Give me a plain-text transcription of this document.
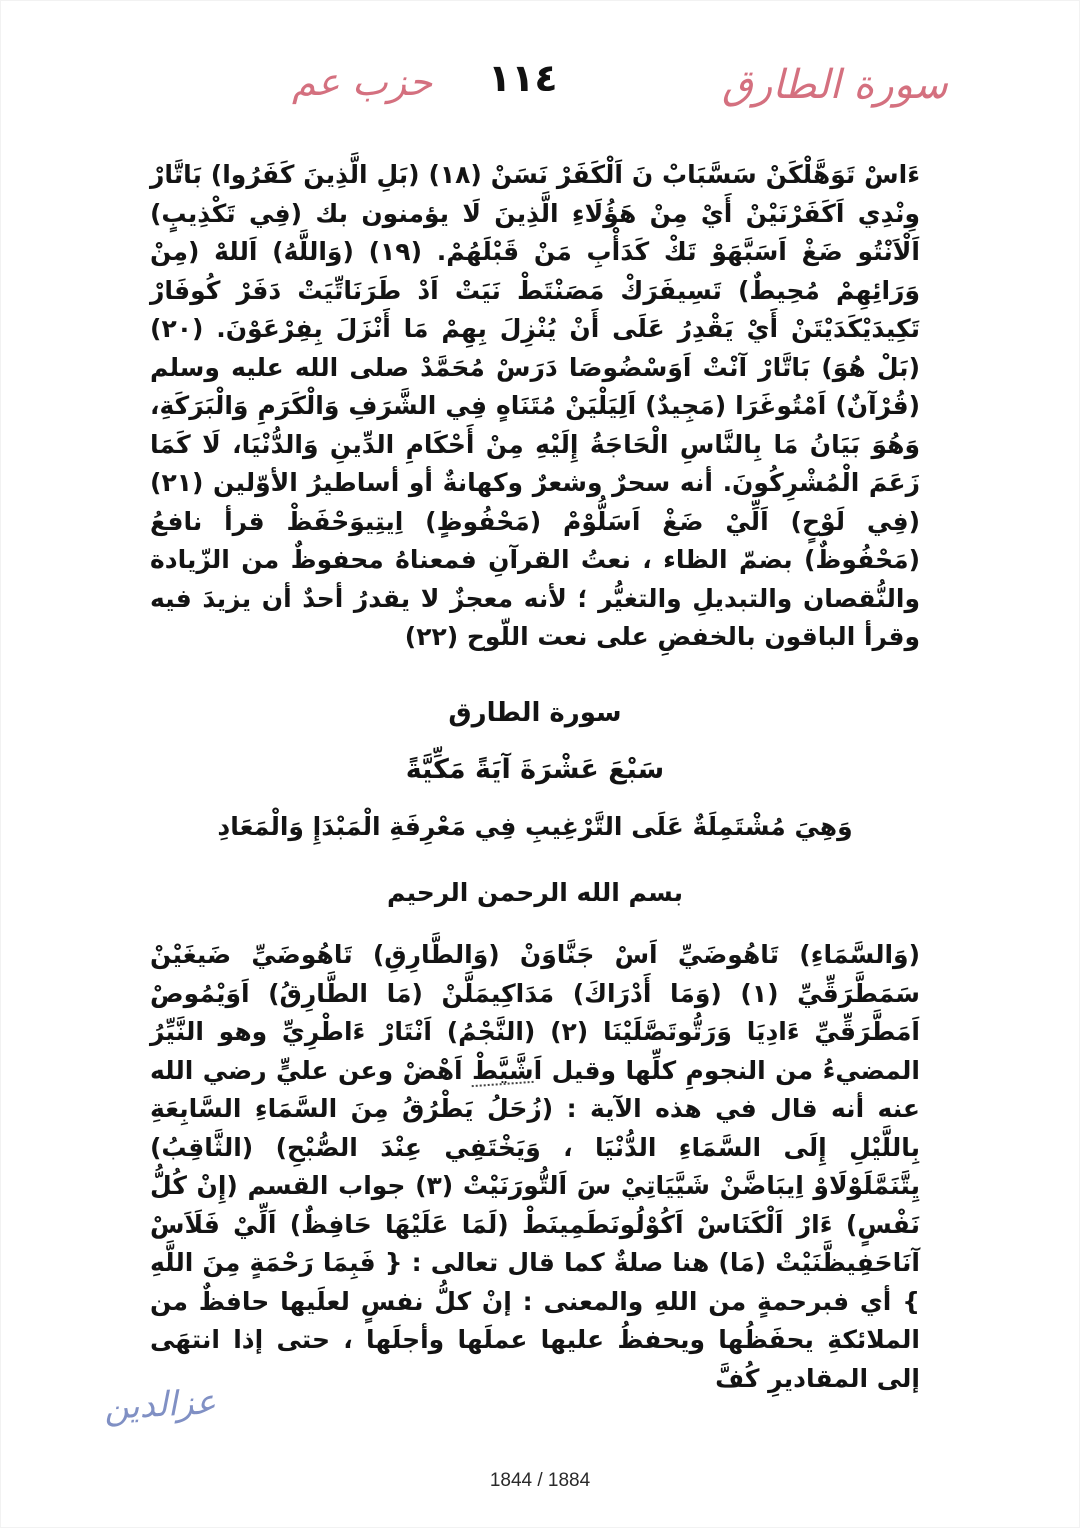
حزب عم ١١٤	سورة الطارق
ءَاسْ تَوَهَّلْكَنْ سَسَّبَابْ نَ اَلْكَفَرْ نَسَنْ (١٨) (بَلِ الَّذِينَ كَفَرُوا) بَاتَّارْ وِنْدِي اَكَفَرْنَيْنْ أَيْ مِنْ هَؤُلَاءِ الَّذِينَ لَا يؤمنون بك (فِي تَكْذِيبٍ) اَلْاَنْتُو ضَغْ اَسَبَّهَوْ تَكْ كَدَأْبِ مَنْ قَبْلَهُمْ. (١٩) (وَاللَّهُ) اَللهْ (مِنْ وَرَائِهِمْ مُحِيطٌ) تَسِيفَرَكْ مَصَنْتَطْ نَيَتْ اَدْ طَرَنَاتِّيَتْ دَفَرْ كُوفَارْ تَكِيدَيْكَدَيْتَنْ أَيْ يَقْدِرُ عَلَى أَنْ يُنْزِلَ بِهِمْ مَا أَنْزَلَ بِفِرْعَوْنَ. (٢٠) (بَلْ هُوَ) بَاتَّارْ آنْتْ اَوَسْضُوصَا دَرَسْ مُحَمَّدْ صلى الله عليه وسلم (قُرْآنٌ) اَمْتُوغَرَا (مَجِيدٌ) اَلِيَلْيَنْ مُتَنَاهٍ فِي الشَّرَفِ وَالْكَرَمِ وَالْبَرَكَةِ، وَهُوَ بَيَانُ مَا بِالنَّاسِ الْحَاجَةُ إِلَيْهِ مِنْ أَحْكَامِ الدِّينِ وَالدُّنْيَا، لَا كَمَا زَعَمَ الْمُشْرِكُونَ. أنه سحرٌ وشعرٌ وكهانةٌ أو أساطيرُ الأوّلين (٢١) (فِي لَوْحٍ) اَلِّيْ ضَغْ اَسَلُّوْمْ (مَحْفُوظٍ) اِيتِيوَحْفَظْ قرأ نافعُ (مَحْفُوظٌ) بضمّ الظاء ، نعتُ القرآنِ فمعناهُ محفوظٌ من الزّيادة والنُّقصان والتبديلِ والتغيُّر ؛ لأنه معجزٌ لا يقدرُ أحدٌ أن يزيدَ فيه وقرأ الباقون بالخفضِ على نعت اللّوح (٢٢)
سورة الطارق
سَبْعَ عَشْرَةَ آيَةً مَكِّيَّةً
وَهِيَ مُشْتَمِلَةٌ عَلَى التَّرْغِيبِ فِي مَعْرِفَةِ الْمَبْدَإِ وَالْمَعَادِ
بسم الله الرحمن الرحيم
(وَالسَّمَاءِ) تَاهُوضَيِّ اَسْ جَنَّاوَنْ (وَالطَّارِقِ) تَاهُوضَيِّ ضَيغَيْنْ سَمَطَّرَقِّيِّ (١) (وَمَا أَدْرَاكَ) مَدَاكِيمَلَّنْ (مَا الطَّارِقُ) اَوَيْمُوصْ اَمَطَّرَقِّيِّ ءَادِيَا وَرَتُّوتَصَّلَيْنَا (٢) (النَّجْمُ) اَنْتَارْ ءَاطْرِيِّ وهو النَّيِّرُ المضيءُ من النجومِ كلِّها وقيل اَشَّيَّطْ اَهْضْ وعن عليٍّ رضي الله عنه أنه قال في هذه الآية : (زُحَلُ يَطْرُقُ مِنَ السَّمَاءِ السَّابِعَةِ بِاللَّيْلِ إِلَى السَّمَاءِ الدُّنْيَا ، وَيَخْتَفِي عِنْدَ الصُّبْحِ) (الثَّاقِبُ) يِتَّنَمَّلَوْلَاوْ اِيبَاضَّنْ شَيَّيَاتِيْ سَ اَلتُّورَنَيْتْ (٣) جواب القسم (إِنْ كُلُّ نَفْسٍ) ءَارْ اَلْكَنَاسْ اَكُوْلُونَطَمِينَطْ (لَمَا عَلَيْهَا حَافِظٌ) اَلِّيْ فَلَاَسْ آنَاحَفِيظَّنَيْتْ (مَا) هنا صلةٌ كما قال تعالى : { فَبِمَا رَحْمَةٍ مِنَ اللَّهِ } أي فبرحمةٍ من اللهِ والمعنى : إنْ كلُّ نفسٍ لعلَيها حافظٌ من الملائكةِ يحفَظُها ويحفظُ عليها عملَها وأجلَها ، حتى إذا انتهَى إلى المقاديرِ كُفَّ
عزالدين
1844 / 1884
